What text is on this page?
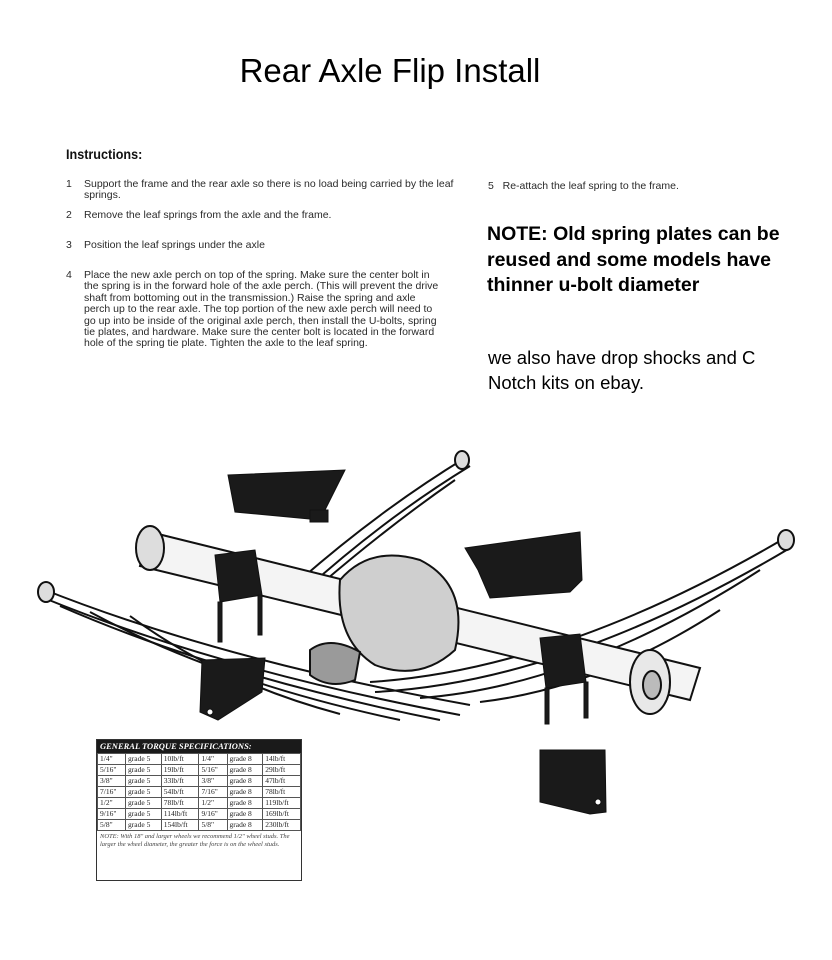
Rear Axle Flip Install
Instructions:
1 Support the frame and the rear axle so there is no load being carried by the leaf springs.
2 Remove the leaf springs from the axle and the frame.
3 Position the leaf springs under the axle
4 Place the new axle perch on top of the spring. Make sure the center bolt in the spring is in the forward hole of the axle perch. (This will prevent the drive shaft from bottoming out in the transmission.) Raise the spring and axle perch up to the rear axle. The top portion of the new axle perch will need to go up into be inside of the original axle perch, then install the U-bolts, spring tie plates, and hardware. Make sure the center bolt is located in the forward hole of the spring tie plate. Tighten the axle to the leaf spring.
5 Re-attach the leaf spring to the frame.
NOTE: Old spring plates can be reused and some models have thinner u-bolt diameter
we also have drop shocks and C Notch kits on ebay.
GENERAL TORQUE SPECIFICATIONS:
1/4"	grade 5	10lb/ft	1/4"	grade 8	14lb/ft
5/16"	grade 5	19lb/ft	5/16"	grade 8	29lb/ft
3/8"	grade 5	33lb/ft	3/8"	grade 8	47lb/ft
7/16"	grade 5	54lb/ft	7/16"	grade 8	78lb/ft
1/2"	grade 5	78lb/ft	1/2"	grade 8	119lb/ft
9/16"	grade 5	114lb/ft	9/16"	grade 8	169lb/ft
5/8"	grade 5	154lb/ft	5/8"	grade 8	230lb/ft
NOTE: With 18" and larger wheels we recommend 1/2" wheel studs. The larger the wheel diameter, the greater the force is on the wheel studs.
